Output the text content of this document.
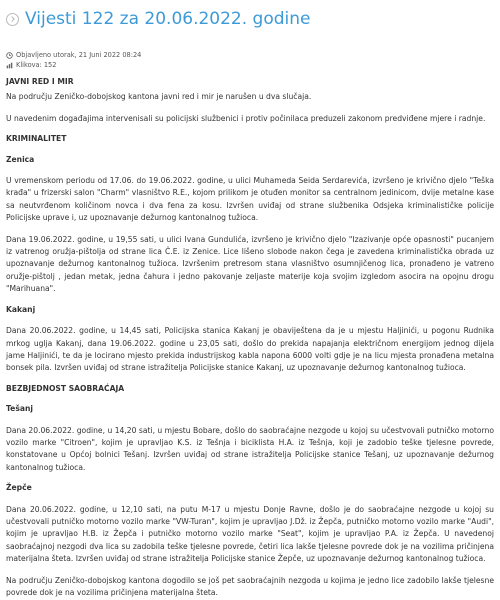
Vijesti 122 za 20.06.2022. godine
Objavljeno utorak, 21 Juni 2022 08:24
Klikova: 152
JAVNI RED I MIR

Na području Zeničko-dobojskog kantona javni red i mir je narušen u dva slučaja.

U navedenim događajima intervenisali su policijski službenici i protiv počinilaca preduzeli zakonom predviđene mjere i radnje.

KRIMINALITET
Zenica

U vremenskom periodu od 17.06. do 19.06.2022. godine, u ulici Muhameda Seida Serdarevića, izvršeno je krivično djelo "Teška krađa" u frizerski salon "Charm" vlasništvo R.E., kojom prilikom je otuđen monitor sa centralnom jedinicom, dvije metalne kase sa neutvrđenom količinom novca i dva fena za kosu. Izvršen uviđaj od strane službenika Odsjeka kriminalističke policije Policijske uprave i, uz upoznavanje dežurnog kantonalnog tužioca.

Dana 19.06.2022. godine, u 19,55 sati, u ulici Ivana Gundulića, izvršeno je krivično djelo "Izazivanje opće opasnosti" pucanjem iz vatrenog oružja-pištolja od strane lica Č.E. iz Zenice. Lice lišeno slobode nakon čega je zavedena kriminalistička obrada uz upoznavanje dežurnog kantonalnog tužioca. Izvršenim pretresom stana vlasništvo osumnjičenog lica, pronađeno je vatreno oružje-pištolj , jedan metak, jedna čahura i jedno pakovanje zeljaste materije koja svojim izgledom asocira na opojnu drogu "Marihuana".

Kakanj

Dana 20.06.2022. godine, u 14,45 sati, Policijska stanica Kakanj je obaviještena da je u mjestu Haljinići, u pogonu Rudnika mrkog uglja Kakanj, dana 19.06.2022. godine u 23,05 sati, došlo do prekida napajanja električnom energijom jednog dijela jame Haljinići, te da je locirano mjesto prekida industrijskog kabla napona 6000 volti gdje je na licu mjesta pronađena metalna bonsek pila. Izvršen uviđaj od strane istražitelja Policijske stanice Kakanj, uz upoznavanje dežurnog kantonalnog tužioca.

BEZBJEDNOST SAOBRAĆAJA
Tešanj

Dana 20.06.2022. godine, u 14,20 sati, u mjestu Bobare, došlo do saobraćajne nezgode u kojoj su učestvovali putničko motorno vozilo marke "Citroen", kojim je upravljao K.S. iz Tešnja i biciklista H.A. iz Tešnja, koji je zadobio teške tjelesne povrede, konstatovane u Općoj bolnici Tešanj. Izvršen uviđaj od strane istražitelja Policijske stanice Tešanj, uz upoznavanje dežurnog kantonalnog tužioca.

Žepče

Dana 20.06.2022. godine, u 12,10 sati, na putu M-17 u mjestu Donje Ravne, došlo je do saobraćajne nezgode u kojoj su učestvovali putničko motorno vozilo marke "VW-Turan", kojim je upravljao J.Dž. iz Žepča, putničko motorno vozilo marke "Audi", kojim je upravljao H.B. iz Žepča i putničko motorno vozilo marke "Seat", kojim je upravljao P.A. iz Žepča. U navedenoj saobraćajnoj nezgodi dva lica su zadobila teške tjelesne povrede, četiri lica lakše tjelesne povrede dok je na vozilima pričinjena materijalna šteta. Izvršen uviđaj od strane istražitelja Policijske stanice Žepče, uz upoznavanje dežurnog kantonalnog tužioca.

Na području Zeničko-dobojskog kantona dogodilo se još pet saobraćajnih nezgoda u kojima je jedno lice zadobilo lakše tjelesne povrede dok je na vozilima pričinjena materijalna šteta.
